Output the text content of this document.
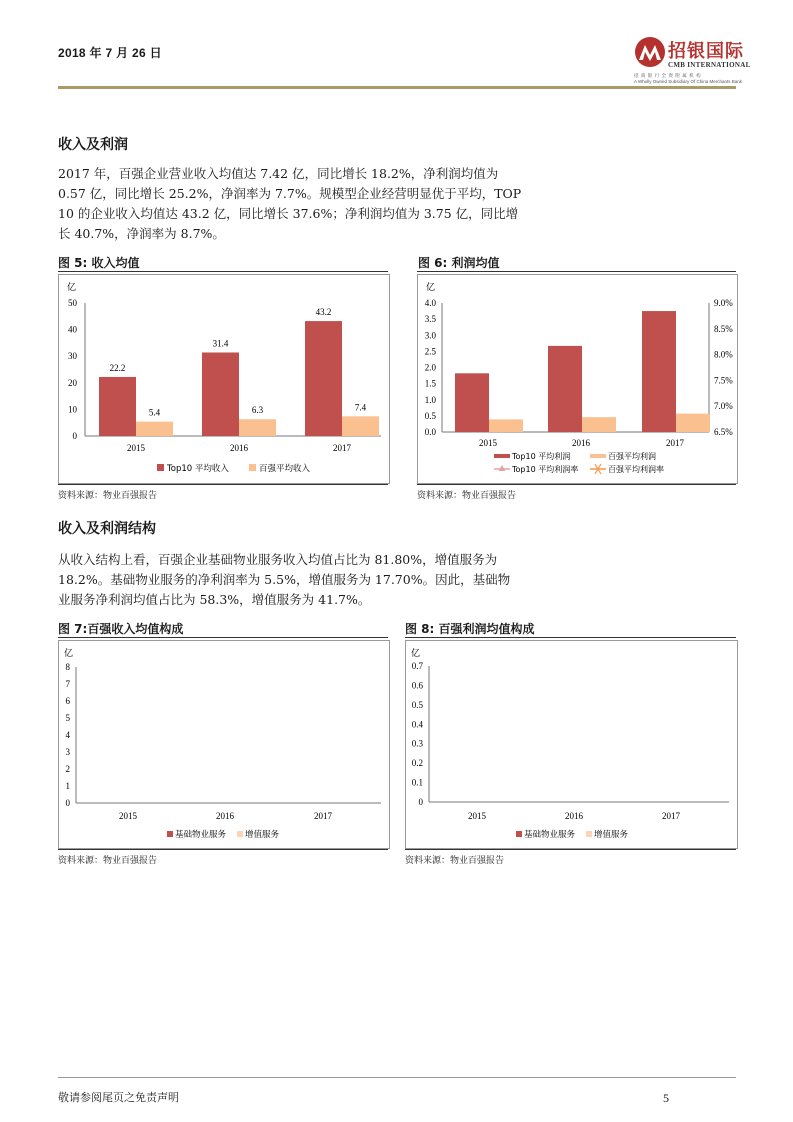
2018 年 7 月 26 日	招银国际
CMB INTERNATIONAL
招商银行全资附属机构
A Wholly Owned Subsidiary Of China Merchants Bank
收入及利润
2017 年，百强企业营业收入均值达 7.42 亿，同比增长 18.2%，净利润均值为
0.57 亿，同比增长 25.2%，净润率为 7.7%。规模型企业经营明显优于平均，TOP
10 的企业收入均值达 43.2 亿，同比增长 37.6%；净利润均值为 3.75 亿，同比增
长 40.7%，净润率为 8.7%。
图 5: 收入均值
亿
0
10
20
30
40
50
2015	2016	2017
22.2
31.4
43.2
5.4	6.3	7.4
Top10 平均收入	百强平均收入
资料来源：物业百强报告
图 6: 利润均值
亿
0.0
0.5
1.0
1.5
2.0
2.5
3.0
3.5
4.0
6.5%
7.0%
7.5%
8.0%
8.5%
9.0%
2015	2016	2017
Top10 平均利润	百强平均利润
Top10 平均利润率	百强平均利润率
资料来源：物业百强报告
收入及利润结构
从收入结构上看，百强企业基础物业服务收入均值占比为 81.80%，增值服务为
18.2%。基础物业服务的净利润率为 5.5%，增值服务为 17.70%。因此，基础物
业服务净利润均值占比为 58.3%，增值服务为 41.7%。
图 7:百强收入均值构成
亿
0
1
2
3
4
5
6
7
8
2015	2016	2017
基础物业服务 增值服务
资料来源：物业百强报告
图 8: 百强利润均值构成
亿
0
0.1
0.2
0.3
0.4
0.5
0.6
0.7
2015	2016	2017
基础物业服务 增值服务
资料来源：物业百强报告
敬请参阅尾页之免责声明	5
